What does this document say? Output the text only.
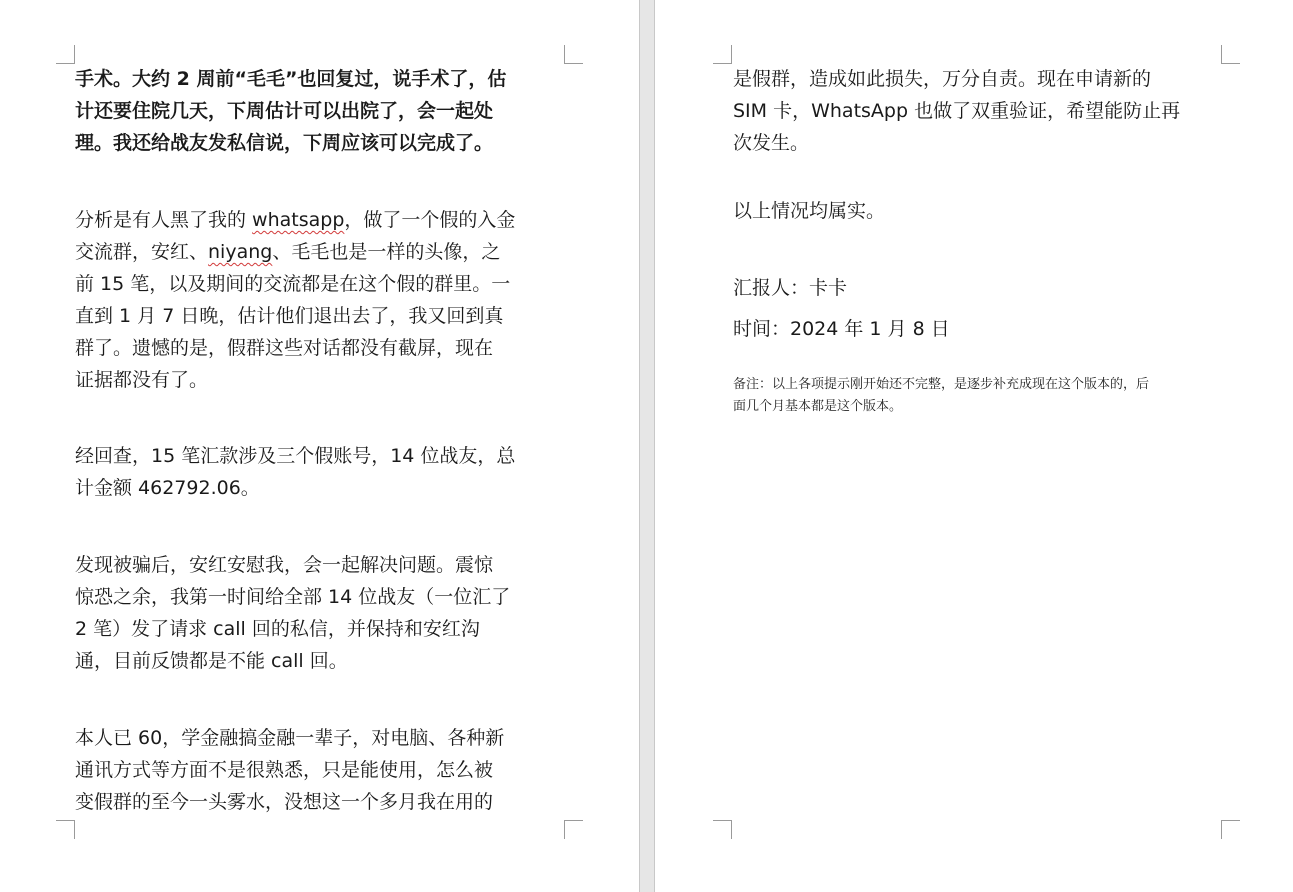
手术。大约 2 周前“毛毛”也回复过，说手术了，估
计还要住院几天，下周估计可以出院了，会一起处
理。我还给战友发私信说，下周应该可以完成了。
分析是有人黑了我的 whatsapp，做了一个假的入金
交流群，安红、niyang、毛毛也是一样的头像，之
前 15 笔，以及期间的交流都是在这个假的群里。一
直到 1 月 7 日晚，估计他们退出去了，我又回到真
群了。遗憾的是，假群这些对话都没有截屏，现在
证据都没有了。
经回查，15 笔汇款涉及三个假账号，14 位战友，总
计金额 462792.06。
发现被骗后，安红安慰我，会一起解决问题。震惊
惊恐之余，我第一时间给全部 14 位战友（一位汇了
2 笔）发了请求 call 回的私信，并保持和安红沟
通，目前反馈都是不能 call 回。
本人已 60，学金融搞金融一辈子，对电脑、各种新
通讯方式等方面不是很熟悉，只是能使用，怎么被
变假群的至今一头雾水，没想这一个多月我在用的
是假群，造成如此损失，万分自责。现在申请新的
SIM 卡，WhatsApp 也做了双重验证，希望能防止再
次发生。
以上情况均属实。
汇报人：卡卡
时间：2024 年 1 月 8 日
备注：以上各项提示刚开始还不完整，是逐步补充成现在这个版本的，后
面几个月基本都是这个版本。
